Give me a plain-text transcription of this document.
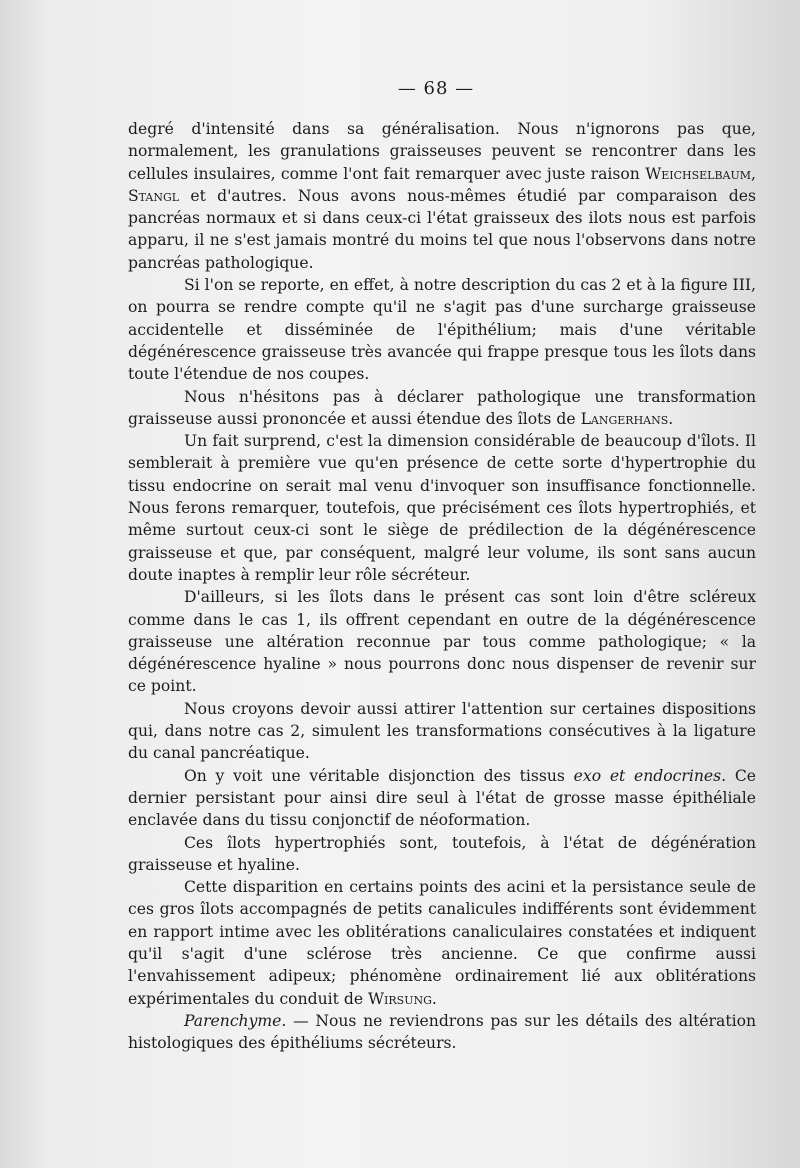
— 68 —

degré d'intensité dans sa généralisation. Nous n'ignorons pas que, normalement, les granulations graisseuses peuvent se rencontrer dans les cellules insulaires, comme l'ont fait remarquer avec juste raison Weichselbaum, Stangl et d'autres. Nous avons nous-mêmes étudié par comparaison des pancréas normaux et si dans ceux-ci l'état graisseux des ilots nous est parfois apparu, il ne s'est jamais montré du moins tel que nous l'observons dans notre pancréas pathologique.

Si l'on se reporte, en effet, à notre description du cas 2 et à la figure III, on pourra se rendre compte qu'il ne s'agit pas d'une surcharge graisseuse accidentelle et disséminée de l'épithélium; mais d'une véritable dégénérescence graisseuse très avancée qui frappe presque tous les îlots dans toute l'étendue de nos coupes.

Nous n'hésitons pas à déclarer pathologique une transformation graisseuse aussi prononcée et aussi étendue des îlots de Langerhans.

Un fait surprend, c'est la dimension considérable de beaucoup d'îlots. Il semblerait à première vue qu'en présence de cette sorte d'hypertrophie du tissu endocrine on serait mal venu d'invoquer son insuffisance fonctionnelle. Nous ferons remarquer, toutefois, que précisément ces îlots hypertrophiés, et même surtout ceux-ci sont le siège de prédilection de la dégénérescence graisseuse et que, par conséquent, malgré leur volume, ils sont sans aucun doute inaptes à remplir leur rôle sécréteur.

D'ailleurs, si les îlots dans le présent cas sont loin d'être scléreux comme dans le cas 1, ils offrent cependant en outre de la dégénérescence graisseuse une altération reconnue par tous comme pathologique; « la dégénérescence hyaline » nous pourrons donc nous dispenser de revenir sur ce point.

Nous croyons devoir aussi attirer l'attention sur certaines dispositions qui, dans notre cas 2, simulent les transformations consécutives à la ligature du canal pancréatique.

On y voit une véritable disjonction des tissus exo et endocrines. Ce dernier persistant pour ainsi dire seul à l'état de grosse masse épithéliale enclavée dans du tissu conjonctif de néoformation.

Ces îlots hypertrophiés sont, toutefois, à l'état de dégénération graisseuse et hyaline.

Cette disparition en certains points des acini et la persistance seule de ces gros îlots accompagnés de petits canalicules indifférents sont évidemment en rapport intime avec les oblitérations canaliculaires constatées et indiquent qu'il s'agit d'une sclérose très ancienne. Ce que confirme aussi l'envahissement adipeux; phénomène ordinairement lié aux oblitérations expérimentales du conduit de Wirsung.

Parenchyme. — Nous ne reviendrons pas sur les détails des altération histologiques des épithéliums sécréteurs.
